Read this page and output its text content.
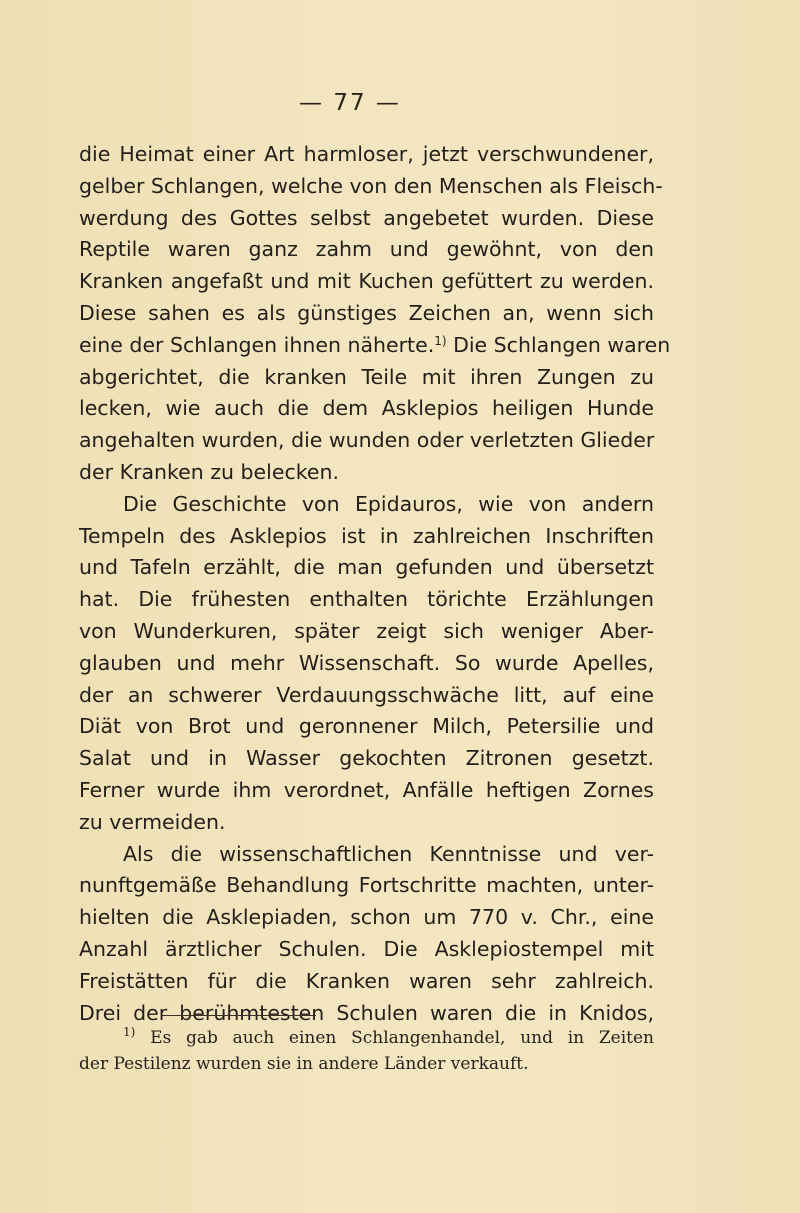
— 77 —
die Heimat einer Art harmloser, jetzt verschwundener,
gelber Schlangen, welche von den Menschen als Fleisch-
werdung des Gottes selbst angebetet wurden. Diese
Reptile waren ganz zahm und gewöhnt, von den
Kranken angefaßt und mit Kuchen gefüttert zu werden.
Diese sahen es als günstiges Zeichen an, wenn sich
eine der Schlangen ihnen näherte.$^{1)}$ Die Schlangen waren
abgerichtet, die kranken Teile mit ihren Zungen zu
lecken, wie auch die dem Asklepios heiligen Hunde
angehalten wurden, die wunden oder verletzten Glieder
der Kranken zu belecken.
Die Geschichte von Epidauros, wie von andern
Tempeln des Asklepios ist in zahlreichen Inschriften
und Tafeln erzählt, die man gefunden und übersetzt
hat. Die frühesten enthalten törichte Erzählungen
von Wunderkuren, später zeigt sich weniger Aber-
glauben und mehr Wissenschaft. So wurde Apelles,
der an schwerer Verdauungsschwäche litt, auf eine
Diät von Brot und geronnener Milch, Petersilie und
Salat und in Wasser gekochten Zitronen gesetzt.
Ferner wurde ihm verordnet, Anfälle heftigen Zornes
zu vermeiden.
Als die wissenschaftlichen Kenntnisse und ver-
nunftgemäße Behandlung Fortschritte machten, unter-
hielten die Asklepiaden, schon um 770 v. Chr., eine
Anzahl ärztlicher Schulen. Die Asklepiostempel mit
Freistätten für die Kranken waren sehr zahlreich.
Drei der berühmtesten Schulen waren die in Knidos,
$^{1)}$ Es gab auch einen Schlangenhandel, und in Zeiten
der Pestilenz wurden sie in andere Länder verkauft.
